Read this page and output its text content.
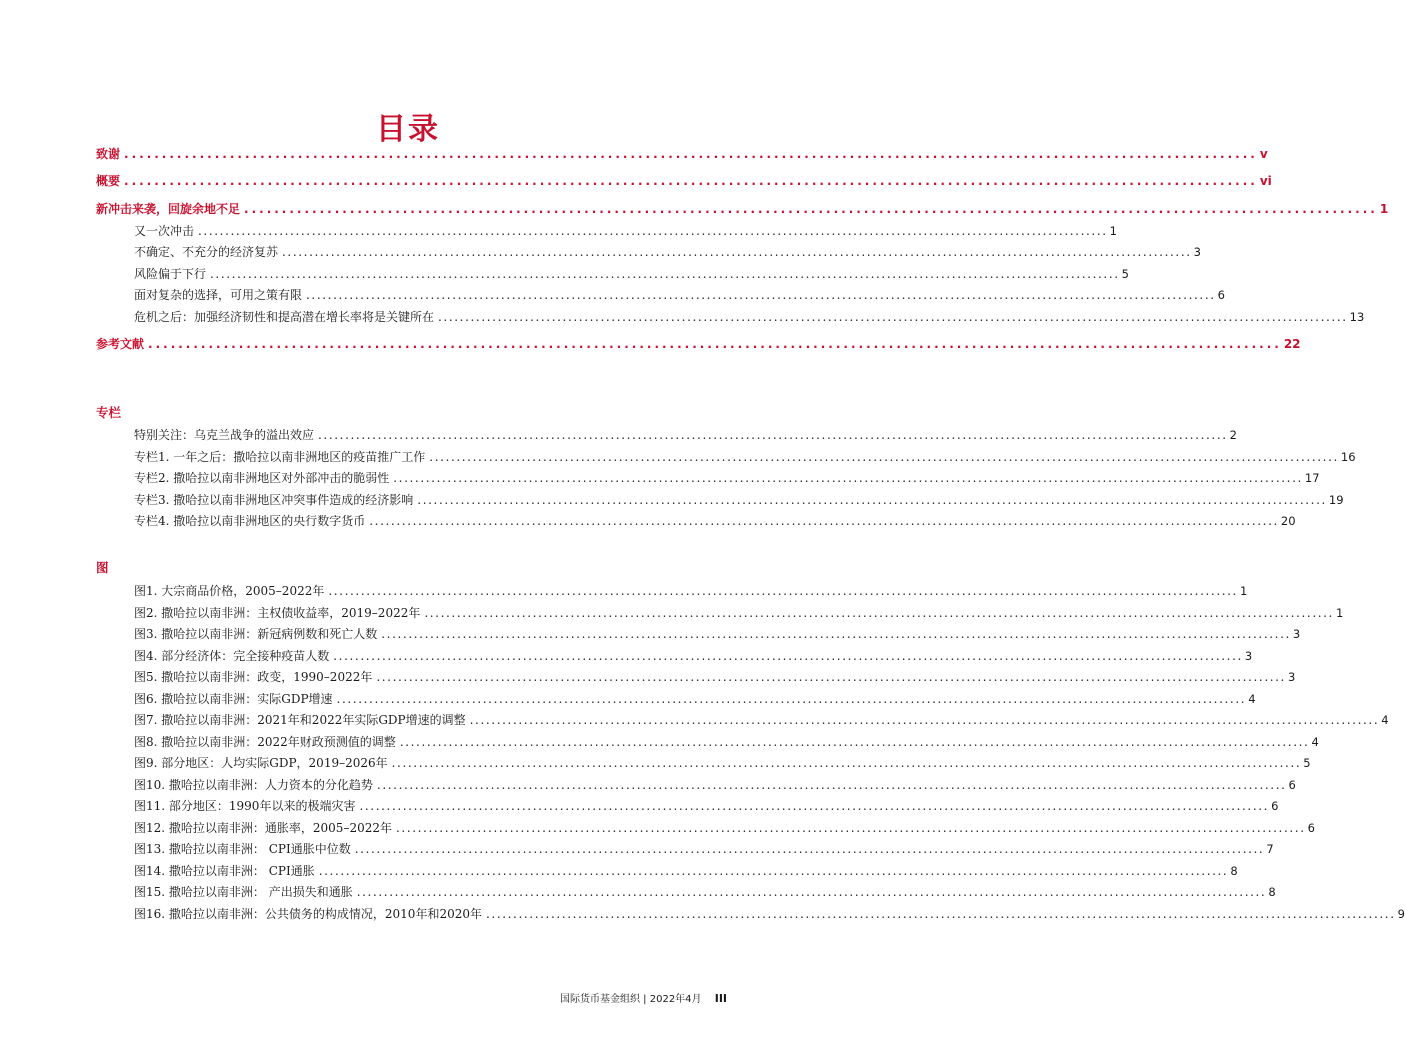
目录
致谢 ...................................................................................................................................................... v
概要 ...................................................................................................................................................... vi
新冲击来袭，回旋余地不足 ...................................................................................................................................................... 1
又一次冲击 ........................................................................................................................................................................ 1
不确定、不充分的经济复苏 ........................................................................................................................................................................ 3
风险偏于下行 ........................................................................................................................................................................ 5
面对复杂的选择，可用之策有限 ........................................................................................................................................................................ 6
危机之后：加强经济韧性和提高潜在增长率将是关键所在 ........................................................................................................................................................................ 13
参考文献 ...................................................................................................................................................... 22
专栏
特别关注：乌克兰战争的溢出效应 ........................................................................................................................................................................ 2
专栏1. 一年之后：撒哈拉以南非洲地区的疫苗推广工作 ........................................................................................................................................................................ 16
专栏2. 撒哈拉以南非洲地区对外部冲击的脆弱性 ........................................................................................................................................................................ 17
专栏3. 撒哈拉以南非洲地区冲突事件造成的经济影响 ........................................................................................................................................................................ 19
专栏4. 撒哈拉以南非洲地区的央行数字货币 ........................................................................................................................................................................ 20
图
图1. 大宗商品价格，2005–2022年 ........................................................................................................................................................................ 1
图2. 撒哈拉以南非洲：主权债收益率，2019–2022年 ........................................................................................................................................................................ 1
图3. 撒哈拉以南非洲：新冠病例数和死亡人数 ........................................................................................................................................................................ 3
图4. 部分经济体：完全接种疫苗人数 ........................................................................................................................................................................ 3
图5. 撒哈拉以南非洲：政变，1990–2022年 ........................................................................................................................................................................ 3
图6. 撒哈拉以南非洲：实际GDP增速 ........................................................................................................................................................................ 4
图7. 撒哈拉以南非洲：2021年和2022年实际GDP增速的调整 ........................................................................................................................................................................ 4
图8. 撒哈拉以南非洲：2022年财政预测值的调整 ........................................................................................................................................................................ 4
图9. 部分地区：人均实际GDP，2019–2026年 ........................................................................................................................................................................ 5
图10. 撒哈拉以南非洲：人力资本的分化趋势 ........................................................................................................................................................................ 6
图11. 部分地区：1990年以来的极端灾害 ........................................................................................................................................................................ 6
图12. 撒哈拉以南非洲：通胀率，2005–2022年 ........................................................................................................................................................................ 6
图13. 撒哈拉以南非洲： CPI通胀中位数 ........................................................................................................................................................................ 7
图14. 撒哈拉以南非洲： CPI通胀 ........................................................................................................................................................................ 8
图15. 撒哈拉以南非洲： 产出损失和通胀 ........................................................................................................................................................................ 8
图16. 撒哈拉以南非洲：公共债务的构成情况，2010年和2020年 ........................................................................................................................................................................ 9
国际货币基金组织 | 2022年4月 III
